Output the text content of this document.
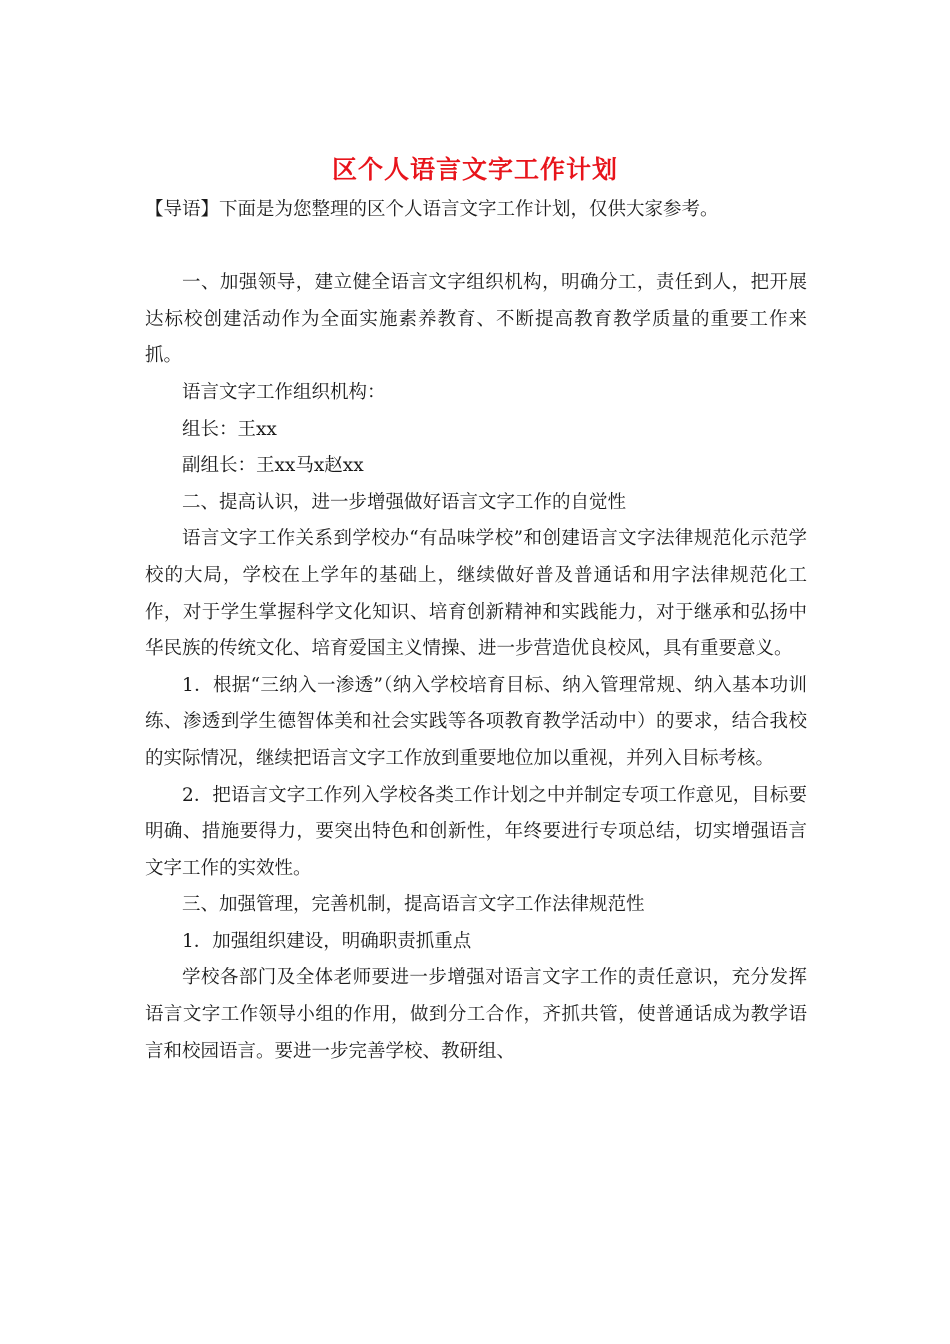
区个人语言文字工作计划

【导语】下面是为您整理的区个人语言文字工作计划，仅供大家参考。

一、加强领导，建立健全语言文字组织机构，明确分工，责任到人，把开展达标校创建活动作为全面实施素养教育、不断提高教育教学质量的重要工作来抓。

语言文字工作组织机构：

组长：王xx

副组长：王xx马x赵xx

二、提高认识，进一步增强做好语言文字工作的自觉性

语言文字工作关系到学校办“有品味学校”和创建语言文字法律规范化示范学校的大局，学校在上学年的基础上，继续做好普及普通话和用字法律规范化工作，对于学生掌握科学文化知识、培育创新精神和实践能力，对于继承和弘扬中华民族的传统文化、培育爱国主义情操、进一步营造优良校风，具有重要意义。

1．根据“三纳入一渗透”（纳入学校培育目标、纳入管理常规、纳入基本功训练、渗透到学生德智体美和社会实践等各项教育教学活动中）的要求，结合我校的实际情况，继续把语言文字工作放到重要地位加以重视，并列入目标考核。

2．把语言文字工作列入学校各类工作计划之中并制定专项工作意见，目标要明确、措施要得力，要突出特色和创新性，年终要进行专项总结，切实增强语言文字工作的实效性。

三、加强管理，完善机制，提高语言文字工作法律规范性

1．加强组织建设，明确职责抓重点

学校各部门及全体老师要进一步增强对语言文字工作的责任意识，充分发挥语言文字工作领导小组的作用，做到分工合作，齐抓共管，使普通话成为教学语言和校园语言。要进一步完善学校、教研组、
